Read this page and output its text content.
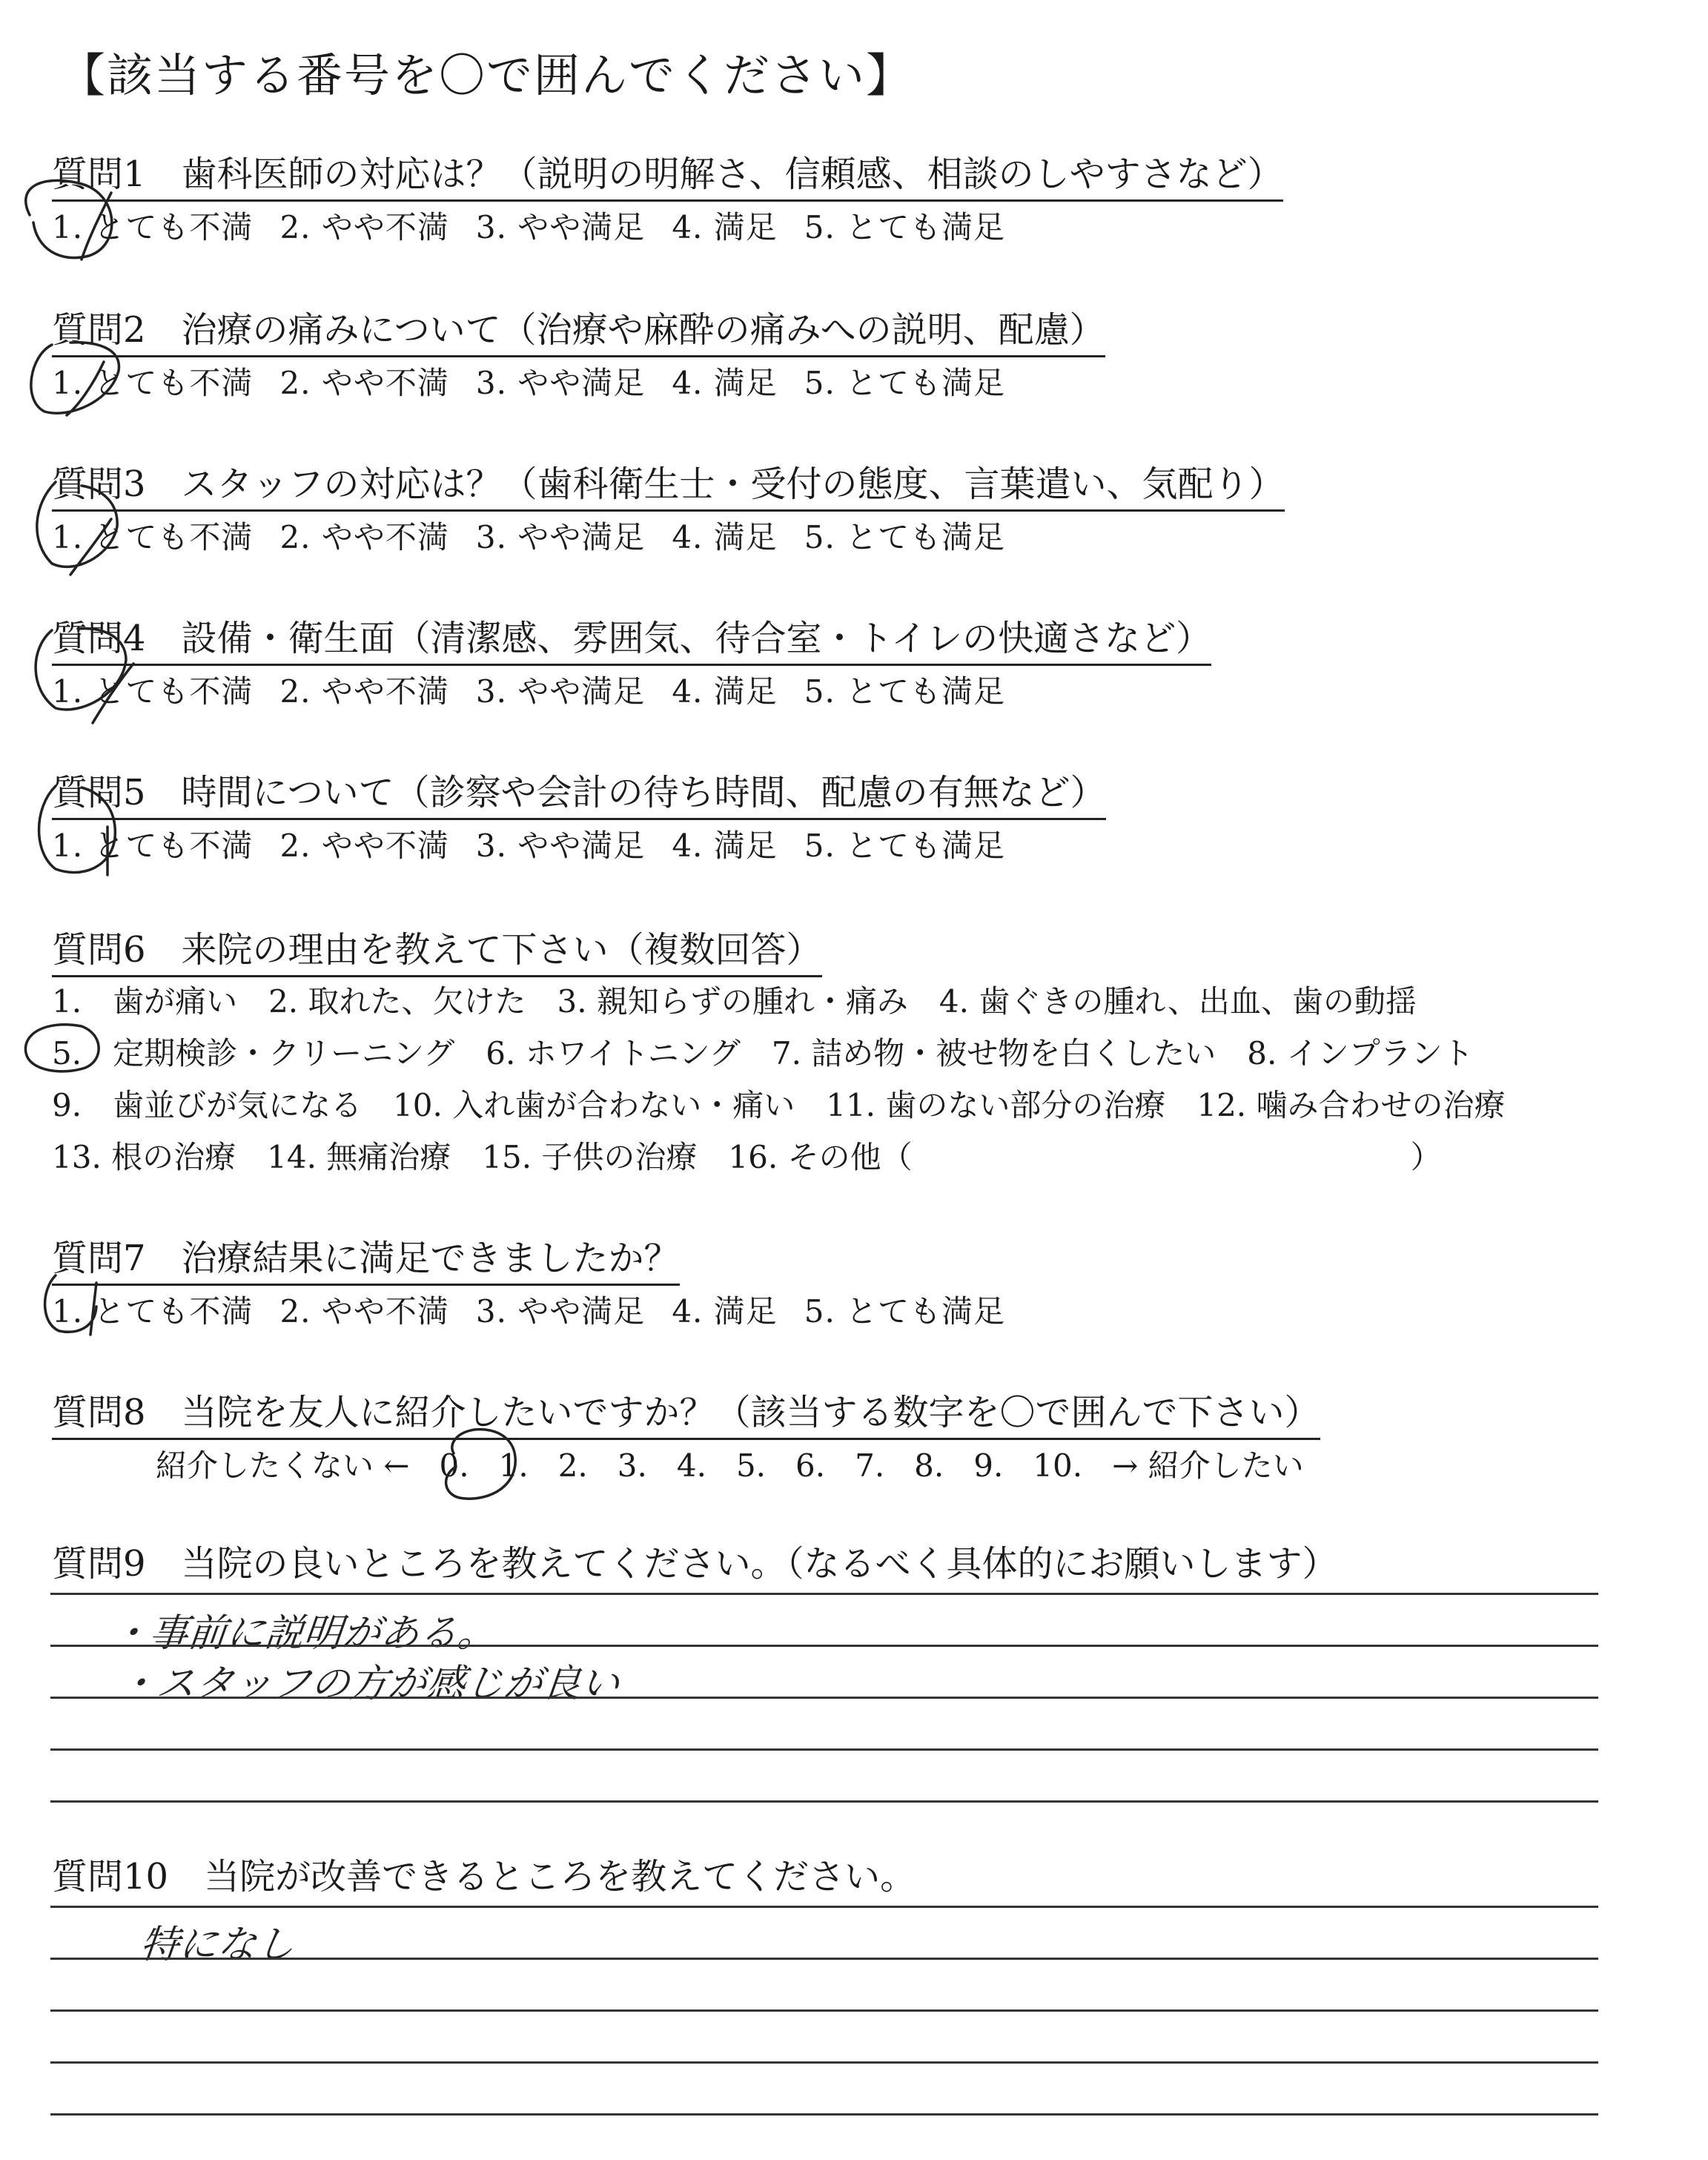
【該当する番号を〇で囲んでください】
質問1　歯科医師の対応は？（説明の明解さ、信頼感、相談のしやすさなど）
1. とても不満 2. やや不満 3. やや満足 4. 満足 5. とても満足
質問2　治療の痛みについて（治療や麻酔の痛みへの説明、配慮）
1. とても不満 2. やや不満 3. やや満足 4. 満足 5. とても満足
質問3　スタッフの対応は？（歯科衛生士・受付の態度、言葉遣い、気配り）
1. とても不満 2. やや不満 3. やや満足 4. 満足 5. とても満足
質問4　設備・衛生面（清潔感、雰囲気、待合室・トイレの快適さなど）
1. とても不満 2. やや不満 3. やや満足 4. 満足 5. とても満足
質問5　時間について（診察や会計の待ち時間、配慮の有無など）
1. とても不満 2. やや不満 3. やや満足 4. 満足 5. とても満足
質問6　来院の理由を教えて下さい（複数回答）
1.　歯が痛い　2. 取れた、欠けた　3. 親知らずの腫れ・痛み　4. 歯ぐきの腫れ、出血、歯の動揺
5.　定期検診・クリーニング　6. ホワイトニング　7. 詰め物・被せ物を白くしたい　8. インプラント
9.　歯並びが気になる　10. 入れ歯が合わない・痛い　11. 歯のない部分の治療　12. 噛み合わせの治療
13. 根の治療　14. 無痛治療　15. 子供の治療　16. その他（　　　　　　　　　　　　　　　　）
質問7　治療結果に満足できましたか？
1. とても不満 2. やや不満 3. やや満足 4. 満足 5. とても満足
質問8　当院を友人に紹介したいですか？（該当する数字を〇で囲んで下さい）
紹介したくない ← 0. 1. 2. 3. 4. 5. 6. 7. 8. 9. 10. → 紹介したい
質問9　当院の良いところを教えてください。（なるべく具体的にお願いします）
・事前に説明がある。
・スタッフの方が感じが良い
質問10　当院が改善できるところを教えてください。
特になし
